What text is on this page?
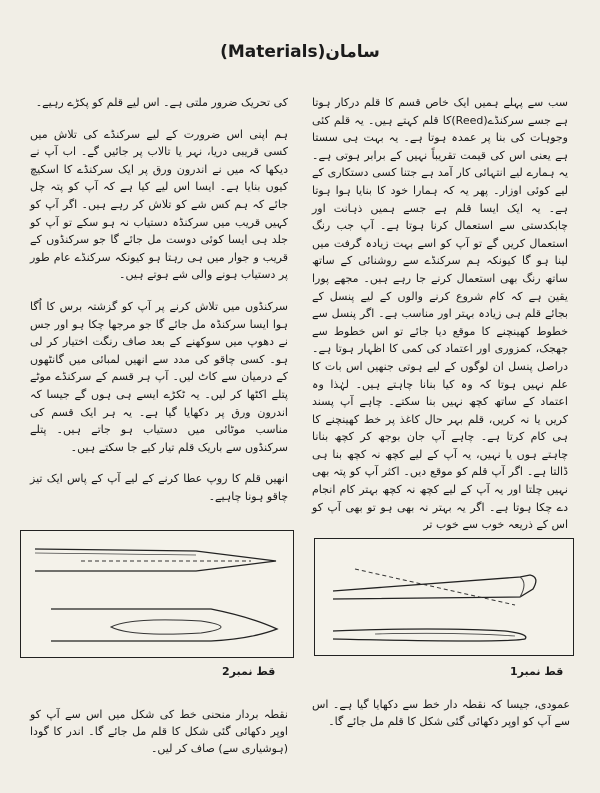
سامان(Materials)

سب سے پہلے ہمیں ایک خاص قسم کا قلم درکار ہوتا ہے جسے سرکنڈے(Reed)کا قلم کہتے ہیں۔ یہ قلم کئی وجوہات کی بنا پر عمدہ ہوتا ہے۔ یہ بہت ہی سستا ہے یعنی اس کی قیمت تقریباً نہیں کے برابر ہوتی ہے۔ یہ ہمارے لیے انتہائی کار آمد ہے جتنا کسی دستکاری کے لیے کوئی اوزار۔ پھر یہ کہ ہمارا خود کا بنایا ہوا ہوتا ہے۔ یہ ایک ایسا قلم ہے جسے ہمیں ذہانت اور چابکدستی سے استعمال کرنا ہوتا ہے۔ آپ جب رنگ استعمال کریں گے تو آپ کو اسے بہت زیادہ گرفت میں لینا ہو گا کیونکہ ہم سرکنڈے سے روشنائی کے ساتھ ساتھ رنگ بھی استعمال کرنے جا رہے ہیں۔ مجھے پورا یقین ہے کہ کام شروع کرنے والوں کے لیے پنسل کے بجائے قلم ہی زیادہ بہتر اور مناسب ہے۔ اگر پنسل سے خطوط کھینچنے کا موقع دیا جائے تو اس خطوط سے جھجک، کمزوری اور اعتماد کی کمی کا اظہار ہوتا ہے۔ دراصل پنسل ان لوگوں کے لیے ہوتی جنھیں اس بات کا علم نہیں ہوتا کہ وہ کیا بنانا چاہتے ہیں۔ لہٰذا وہ اعتماد کے ساتھ کچھ نہیں بنا سکتے۔ چاہے آپ پسند کریں یا نہ کریں، قلم بہر حال کاغذ پر خط کھینچنے کا ہی کام کرتا ہے۔ چاہے آپ جان بوجھ کر کچھ بنانا چاہتے ہوں یا نہیں، یہ آپ کے لیے کچھ نہ کچھ بنا ہی ڈالتا ہے۔ اگر آپ قلم کو موقع دیں۔ اکثر آپ کو پتہ بھی نہیں چلتا اور یہ آپ کے لیے کچھ نہ کچھ بہتر کام انجام دے چکا ہوتا ہے۔ اگر یہ بہتر نہ بھی ہو تو بھی آپ کو اس کے ذریعہ خوب سے خوب تر

کی تحریک ضرور ملتی ہے۔ اس لیے قلم کو پکڑے رہیے۔

ہم اپنی اس ضرورت کے لیے سرکنڈے کی تلاش میں کسی قریبی دریا، نہر یا تالاب پر جائیں گے۔ اب آپ نے دیکھا کہ میں نے اندرون ورق پر ایک سرکنڈے کا اسکیچ کیوں بنایا ہے۔ ایسا اس لیے کیا ہے کہ آپ کو پتہ چل جائے کہ ہم کس شے کو تلاش کر رہے ہیں۔ اگر آپ کو کہیں قریب میں سرکنڈہ دستیاب نہ ہو سکے تو آپ کو جلد ہی ایسا کوئی دوست مل جائے گا جو سرکنڈوں کے قریب و جوار میں ہی رہتا ہو کیونکہ سرکنڈے عام طور پر دستیاب ہونے والی شے ہوتے ہیں۔

سرکنڈوں میں تلاش کرنے پر آپ کو گزشتہ برس کا اُگا ہوا ایسا سرکنڈہ مل جائے گا جو مرجھا چکا ہو اور جس نے دھوپ میں سوکھنے کے بعد صاف رنگت اختیار کر لی ہو۔ کسی چاقو کی مدد سے انھیں لمبائی میں گانٹھوں کے درمیان سے کاٹ لیں۔ آپ ہر قسم کے سرکنڈے موٹے پتلے اکٹھا کر لیں۔ یہ ٹکڑے ایسے ہی ہوں گے جیسا کہ اندرون ورق پر دکھایا گیا ہے۔ یہ ہر ایک قسم کی مناسب موٹائی میں دستیاب ہو جاتے ہیں۔ پتلے سرکنڈوں سے باریک قلم تیار کیے جا سکتے ہیں۔

انھیں قلم کا روپ عطا کرنے کے لیے آپ کے پاس ایک تیز چاقو ہونا چاہیے۔

قط نمبر1
قط نمبر2
عمودی، جیسا کہ نقطہ دار خط سے دکھایا گیا ہے۔ اس سے آپ کو اوپر دکھائی گئی شکل کا قلم مل جائے گا۔
نقطہ بردار منحنی خط کی شکل میں اس سے آپ کو اوپر دکھائی گئی شکل کا قلم مل جائے گا۔ اندر کا گودا (ہوشیاری سے) صاف کر لیں۔
